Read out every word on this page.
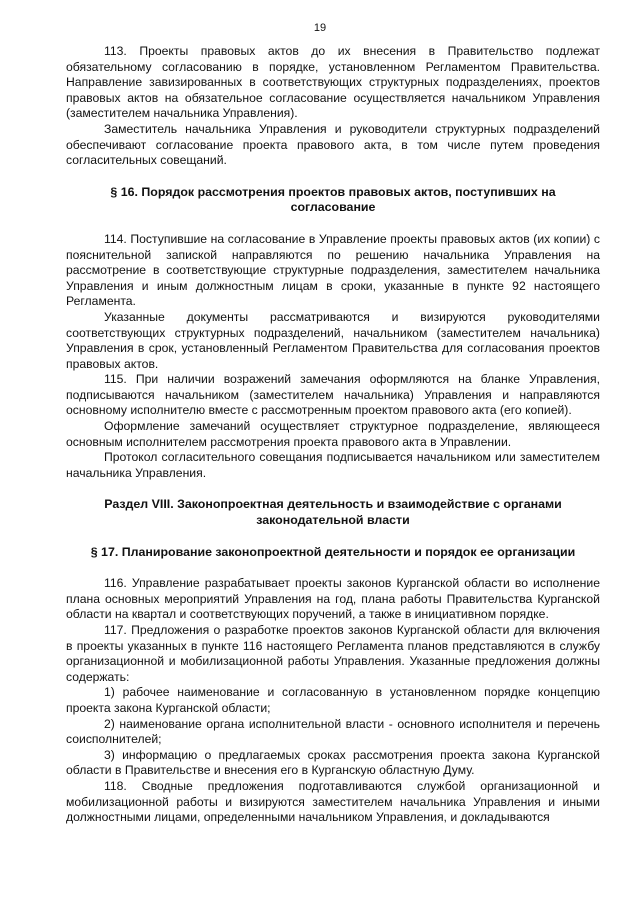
19

113. Проекты правовых актов до их внесения в Правительство подлежат обязательному согласованию в порядке, установленном Регламентом Правительства. Направление завизированных в соответствующих структурных подразделениях, проектов правовых актов на обязательное согласование осуществляется начальником Управления (заместителем начальника Управления).

Заместитель начальника Управления и руководители структурных подразделений обеспечивают согласование проекта правового акта, в том числе путем проведения согласительных совещаний.

§ 16. Порядок рассмотрения проектов правовых актов, поступивших на согласование

114. Поступившие на согласование в Управление проекты правовых актов (их копии) с пояснительной запиской направляются по решению начальника Управления на рассмотрение в соответствующие структурные подразделения, заместителем начальника Управления и иным должностным лицам в сроки, указанные в пункте 92 настоящего Регламента.

Указанные документы рассматриваются и визируются руководителями соответствующих структурных подразделений, начальником (заместителем начальника) Управления в срок, установленный Регламентом Правительства для согласования проектов правовых актов.

115. При наличии возражений замечания оформляются на бланке Управления, подписываются начальником (заместителем начальника) Управления и направляются основному исполнителю вместе с рассмотренным проектом правового акта (его копией).

Оформление замечаний осуществляет структурное подразделение, являющееся основным исполнителем рассмотрения проекта правового акта в Управлении.

Протокол согласительного совещания подписывается начальником или заместителем начальника Управления.

Раздел VIII. Законопроектная деятельность и взаимодействие с органами законодательной власти

§ 17. Планирование законопроектной деятельности и порядок ее организации

116. Управление разрабатывает проекты законов Курганской области во исполнение плана основных мероприятий Управления на год, плана работы Правительства Курганской области на квартал и соответствующих поручений, а также в инициативном порядке.

117. Предложения о разработке проектов законов Курганской области для включения в проекты указанных в пункте 116 настоящего Регламента планов представляются в службу организационной и мобилизационной работы Управления. Указанные предложения должны содержать:

1) рабочее наименование и согласованную в установленном порядке концепцию проекта закона Курганской области;

2) наименование органа исполнительной власти - основного исполнителя и перечень соисполнителей;

3) информацию о предлагаемых сроках рассмотрения проекта закона Курганской области в Правительстве и внесения его в Курганскую областную Думу.

118. Сводные предложения подготавливаются службой организационной и мобилизационной работы и визируются заместителем начальника Управления и иными должностными лицами, определенными начальником Управления, и докладываются
